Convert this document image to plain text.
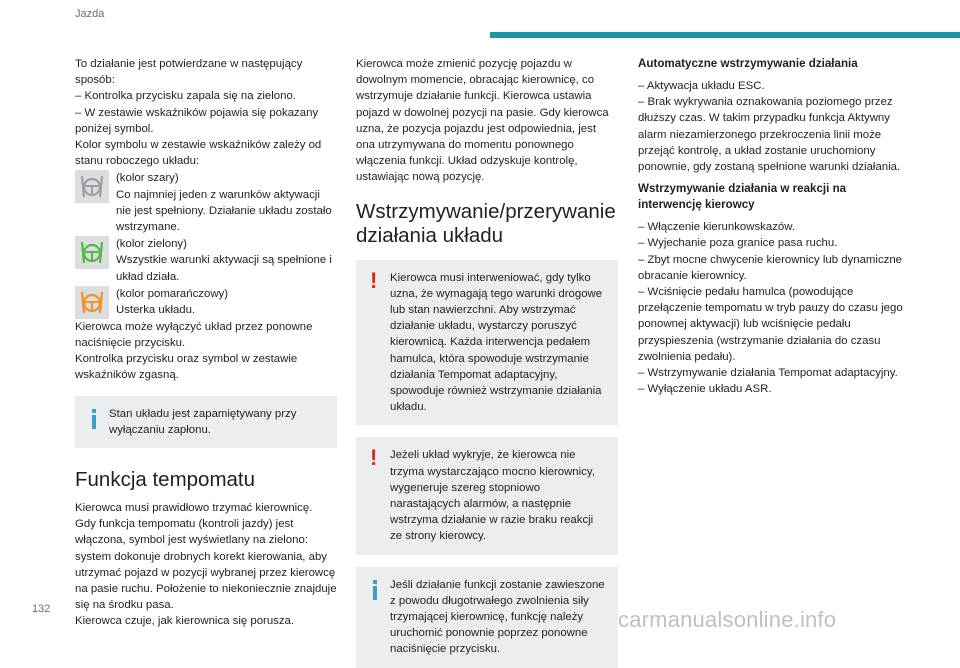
Jazda

To działanie jest potwierdzane w następujący sposób:

– Kontrolka przycisku zapala się na zielono.

– W zestawie wskaźników pojawia się pokazany poniżej symbol.

Kolor symbolu w zestawie wskaźników zależy od stanu roboczego układu:

(kolor szary)

Co najmniej jeden z warunków aktywacji nie jest spełniony. Działanie układu zostało wstrzymane.

(kolor zielony)

Wszystkie warunki aktywacji są spełnione i układ działa.

(kolor pomarańczowy)

Usterka układu.

Kierowca może wyłączyć układ przez ponowne naciśnięcie przycisku.

Kontrolka przycisku oraz symbol w zestawie wskaźników zgasną.

Stan układu jest zapamiętywany przy wyłączaniu zapłonu.
Funkcja tempomatu

Kierowca musi prawidłowo trzymać kierownicę.

Gdy funkcja tempomatu (kontroli jazdy) jest włączona, symbol jest wyświetlany na zielono: system dokonuje drobnych korekt kierowania, aby utrzymać pojazd w pozycji wybranej przez kierowcę na pasie ruchu. Położenie to niekoniecznie znajduje się na środku pasa.

Kierowca czuje, jak kierownica się porusza.

Kierowca może zmienić pozycję pojazdu w dowolnym momencie, obracając kierownicę, co wstrzymuje działanie funkcji. Kierowca ustawia pojazd w dowolnej pozycji na pasie. Gdy kierowca uzna, że pozycja pojazdu jest odpowiednia, jest ona utrzymywana do momentu ponownego włączenia funkcji. Układ odzyskuje kontrolę, ustawiając nową pozycję.

Wstrzymywanie/przerywanie działania układu
! Kierowca musi interweniować, gdy tylko uzna, że wymagają tego warunki drogowe lub stan nawierzchni. Aby wstrzymać działanie układu, wystarczy poruszyć kierownicą. Każda interwencja pedałem hamulca, która spowoduje wstrzymanie działania Tempomat adaptacyjny, spowoduje również wstrzymanie działania układu.
! Jeżeli układ wykryje, że kierowca nie trzyma wystarczająco mocno kierownicy, wygeneruje szereg stopniowo narastających alarmów, a następnie wstrzyma działanie w razie braku reakcji ze strony kierowcy.
Jeśli działanie funkcji zostanie zawieszone z powodu długotrwałego zwolnienia siły trzymającej kierownicę, funkcję należy uruchomić ponownie poprzez ponowne naciśnięcie przycisku.
Automatyczne wstrzymywanie działania

– Aktywacja układu ESC.

– Brak wykrywania oznakowania poziomego przez dłuższy czas. W takim przypadku funkcja Aktywny alarm niezamierzonego przekroczenia linii może przejąć kontrolę, a układ zostanie uruchomiony ponownie, gdy zostaną spełnione warunki działania.

Wstrzymywanie działania w reakcji na interwencję kierowcy

– Włączenie kierunkowskazów.

– Wyjechanie poza granice pasa ruchu.

– Zbyt mocne chwycenie kierownicy lub dynamiczne obracanie kierownicy.

– Wciśnięcie pedału hamulca (powodujące przełączenie tempomatu w tryb pauzy do czasu jego ponownej aktywacji) lub wciśnięcie pedału przyspieszenia (wstrzymanie działania do czasu zwolnienia pedału).

– Wstrzymywanie działania Tempomat adaptacyjny.

– Wyłączenie układu ASR.

132	carmanualsonline.info
